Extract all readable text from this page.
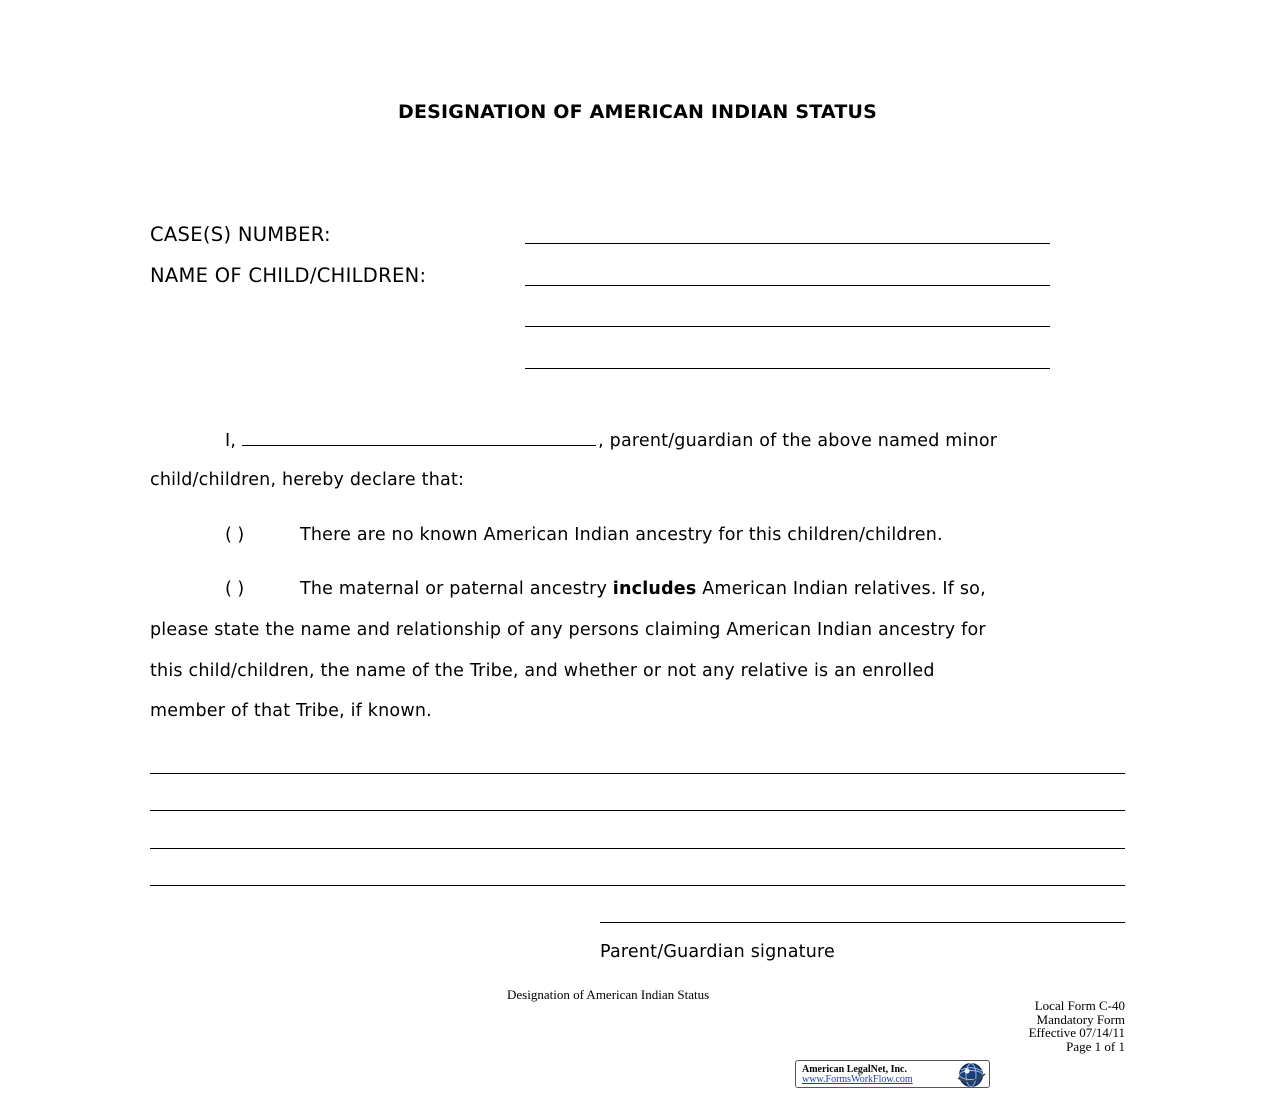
DESIGNATION OF AMERICAN INDIAN STATUS
CASE(S) NUMBER:
NAME OF CHILD/CHILDREN:
I,	, parent/guardian of the above named minor
child/children, hereby declare that:
( )	There are no known American Indian ancestry for this children/children.
( )	The maternal or paternal ancestry includes American Indian relatives. If so,
please state the name and relationship of any persons claiming American Indian ancestry for
this child/children, the name of the Tribe, and whether or not any relative is an enrolled
member of that Tribe, if known.
Parent/Guardian signature
Designation of American Indian Status
Local Form C-40
Mandatory Form
Effective 07/14/11
Page 1 of 1
American LegalNet, Inc.
www.FormsWorkFlow.com
